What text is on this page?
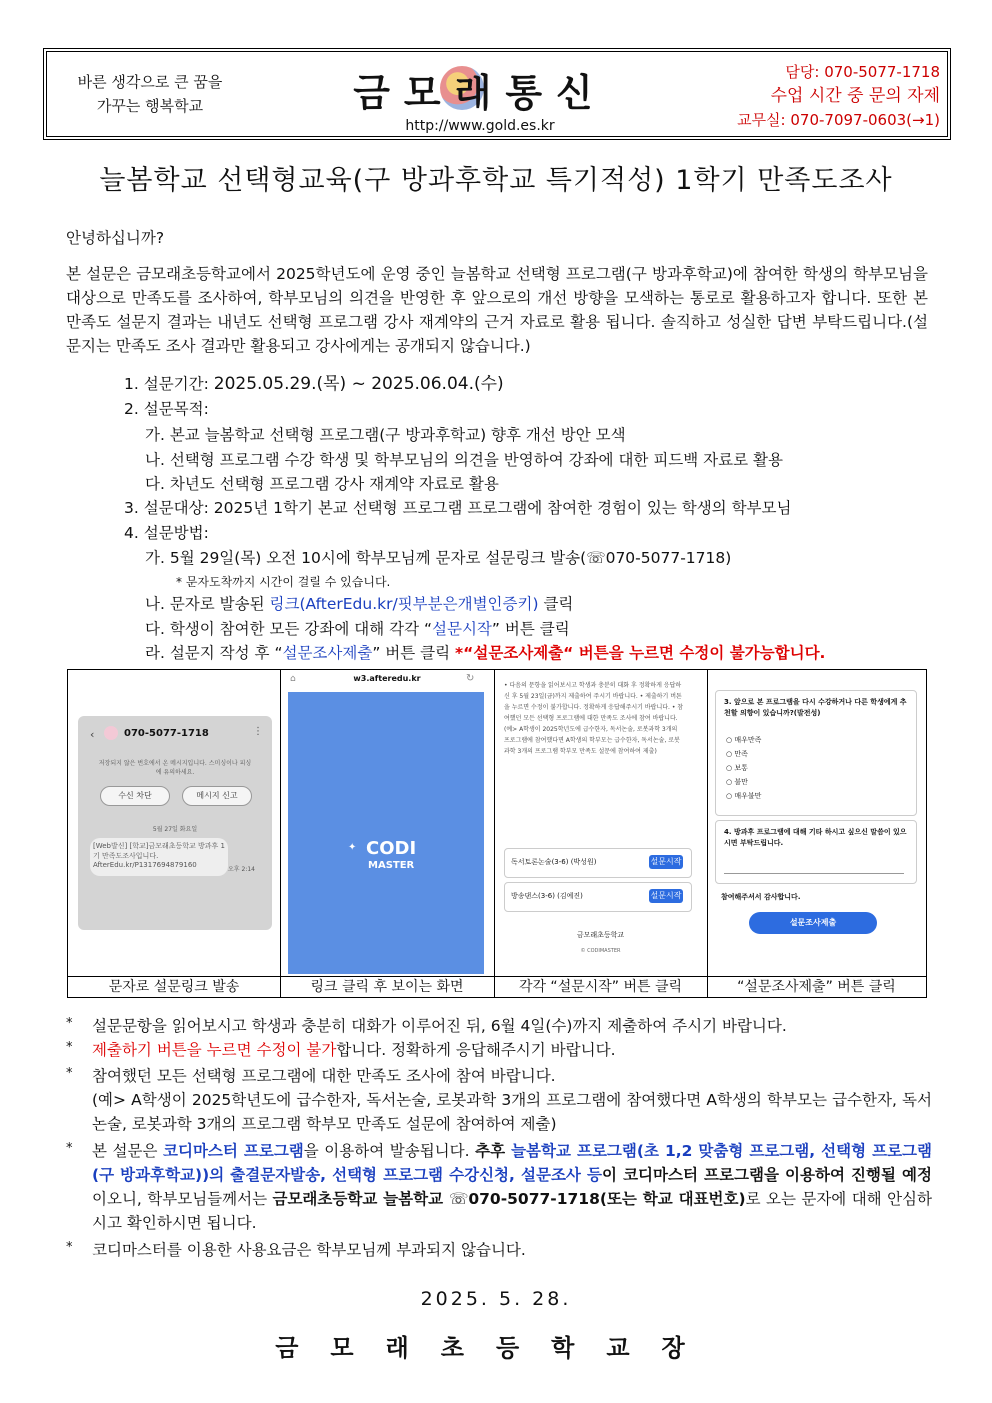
바른 생각으로 큰 꿈을
가꾸는 행복학교	금모래통신
http://www.gold.es.kr
담당: 070-5077-1718
수업 시간 중 문의 자제
교무실: 070-7097-0603(→1)
늘봄학교 선택형교육(구 방과후학교 특기적성) 1학기 만족도조사
안녕하십니까?
본 설문은 금모래초등학교에서 2025학년도에 운영 중인 늘봄학교 선택형 프로그램(구 방과후학교)에 참여한 학생의 학부모님을 대상으로 만족도를 조사하여, 학부모님의 의견을 반영한 후 앞으로의 개선 방향을 모색하는 통로로 활용하고자 합니다. 또한 본 만족도 설문지 결과는 내년도 선택형 프로그램 강사 재계약의 근거 자료로 활용 됩니다. 솔직하고 성실한 답변 부탁드립니다.(설문지는 만족도 조사 결과만 활용되고 강사에게는 공개되지 않습니다.)
1. 설문기간: 2025.05.29.(목) ~ 2025.06.04.(수)
2. 설문목적:
가. 본교 늘봄학교 선택형 프로그램(구 방과후학교) 향후 개선 방안 모색
나. 선택형 프로그램 수강 학생 및 학부모님의 의견을 반영하여 강좌에 대한 피드백 자료로 활용
다. 차년도 선택형 프로그램 강사 재계약 자료로 활용
3. 설문대상: 2025년 1학기 본교 선택형 프로그램 프로그램에 참여한 경험이 있는 학생의 학부모님
4. 설문방법:
가. 5월 29일(목) 오전 10시에 학부모님께 문자로 설문링크 발송(☏070-5077-1718)
* 문자도착까지 시간이 걸릴 수 있습니다.
나. 문자로 발송된 링크(AfterEdu.kr/핏부분은개별인증키) 클릭
다. 학생이 참여한 모든 강좌에 대해 각각 “설문시작” 버튼 클릭
라. 설문지 작성 후 “설문조사제출” 버튼 클릭 *“설문조사제출“ 버튼을 누르면 수정이 불가능합니다.
‹	070-5077-1718	⋮
저장되지 않은 번호에서 온 메시지입니다. 스미싱이나 피싱에 유의하세요.
수신 차단	메시지 신고
5월 27일 화요일
[Web발신] [학교]금모래초등학교 방과후 1기 만족도조사입니다. AfterEdu.kr/P1317694879160
오후 2:14
⌂	w3.afteredu.kr	↻
✦ CODI
MASTER
• 다음의 문항을 읽어보시고 학생과 충분히 대화 후 정확하게 응답하신 후 5월 23일(금)까지 제출하여 주시기 바랍니다. • 제출하기 버튼을 누르면 수정이 불가합니다. 정확하게 응답해주시기 바랍니다. • 참여했던 모든 선택형 프로그램에 대한 만족도 조사에 참여 바랍니다. (예> A학생이 2025학년도에 급수한자, 독서논술, 로봇과학 3개의 프로그램에 참여했다면 A학생의 학부모는 급수한자, 독서논술, 로봇과학 3개의 프로그램 학부모 만족도 설문에 참여하여 제출)
독서토론논술(3-6) (박성원)	설문시작
방송댄스(3-6) (김예진)	설문시작
금모래초등학교
© CODIMASTER
3. 앞으로 본 프로그램을 다시 수강하거나 다른 학생에게 추천할 의향이 있습니까?(발전성)
○ 매우만족
○ 만족
○ 보통
○ 불만
○ 매우불만
4. 방과후 프로그램에 대해 기타 하시고 싶으신 말씀이 있으시면 부탁드립니다.
참여해주셔서 감사합니다.
설문조사제출
문자로 설문링크 발송	링크 클릭 후 보이는 화면	각각 “설문시작” 버튼 클릭	“설문조사제출” 버튼 클릭
* 설문문항을 읽어보시고 학생과 충분히 대화가 이루어진 뒤, 6월 4일(수)까지 제출하여 주시기 바랍니다.
* 제출하기 버튼을 누르면 수정이 불가합니다. 정확하게 응답해주시기 바랍니다.
* 참여했던 모든 선택형 프로그램에 대한 만족도 조사에 참여 바랍니다.
(예> A학생이 2025학년도에 급수한자, 독서논술, 로봇과학 3개의 프로그램에 참여했다면 A학생의 학부모는 급수한자, 독서논술, 로봇과학 3개의 프로그램 학부모 만족도 설문에 참여하여 제출)
* 본 설문은 코디마스터 프로그램을 이용하여 발송됩니다. 추후 늘봄학교 프로그램(초 1,2 맞춤형 프로그램, 선택형 프로그램(구 방과후학교))의 출결문자발송, 선택형 프로그램 수강신청, 설문조사 등이 코디마스터 프로그램을 이용하여 진행될 예정이오니, 학부모님들께서는 금모래초등학교 늘봄학교 ☏070-5077-1718(또는 학교 대표번호)로 오는 문자에 대해 안심하시고 확인하시면 됩니다.
* 코디마스터를 이용한 사용요금은 학부모님께 부과되지 않습니다.
2025. 5. 28.
금모래초등학교장
